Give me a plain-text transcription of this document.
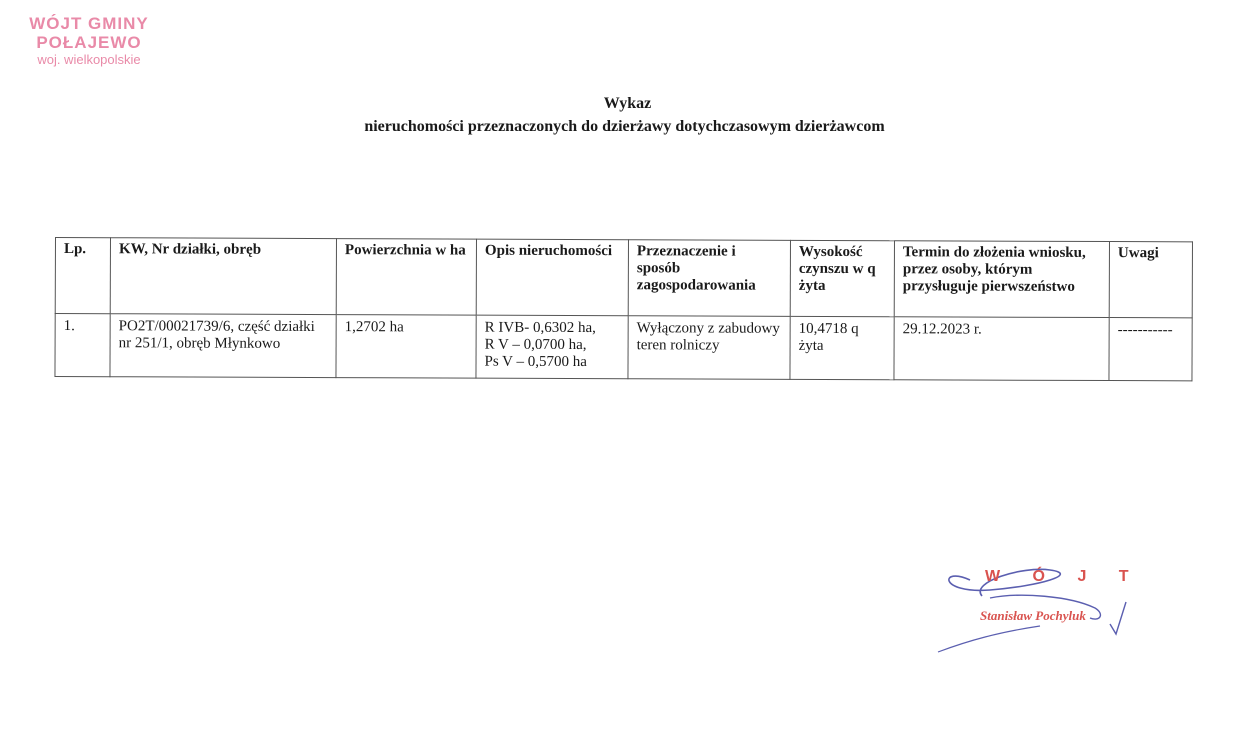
WÓJT GMINY
POŁAJEWO
woj. wielkopolskie
Wykaz
nieruchomości przeznaczonych do dzierżawy dotychczasowym dzierżawcom
Lp.	KW, Nr działki, obręb	Powierzchnia w ha	Opis nieruchomości	Przeznaczenie i sposób zagospodarowania	Wysokość czynszu w q żyta	Termin do złożenia wniosku, przez osoby, którym przysługuje pierwszeństwo	Uwagi
1.	PO2T/00021739/6, część działki nr 251/1, obręb Młynkowo	1,2702 ha	R IVB- 0,6302 ha,
R V – 0,0700 ha,
Ps V – 0,5700 ha	Wyłączony z zabudowy teren rolniczy	10,4718 q żyta	29.12.2023 r.	-----------
W Ó J T
Stanisław Pochyluk
